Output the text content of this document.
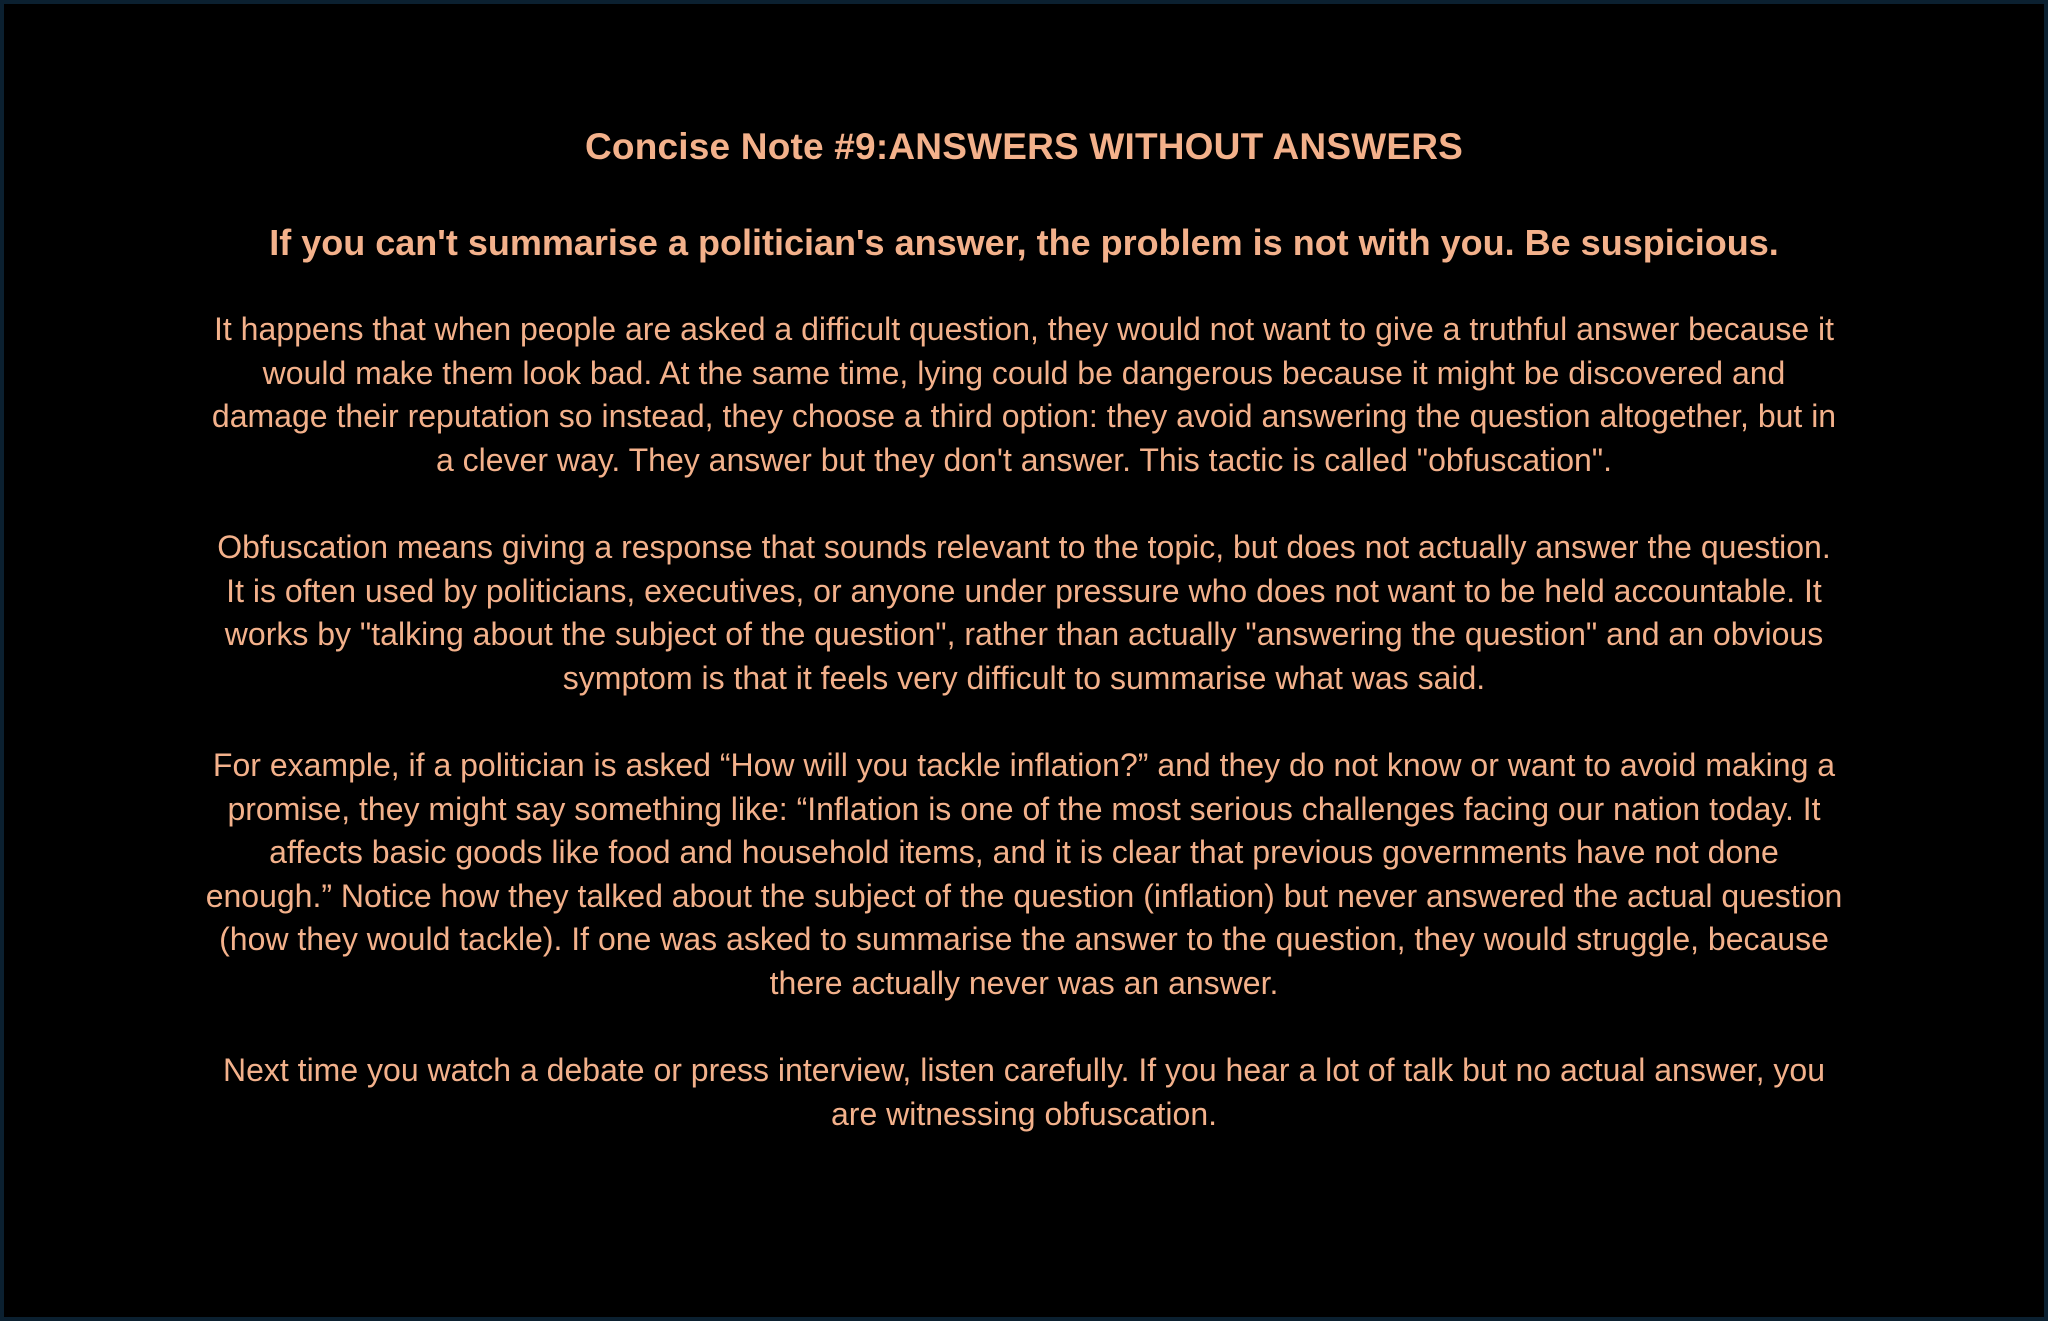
Concise Note #9:ANSWERS WITHOUT ANSWERS
If you can't summarise a politician's answer, the problem is not with you. Be suspicious.

It happens that when people are asked a difficult question, they would not want to give a truthful answer because it would make them look bad. At the same time, lying could be dangerous because it might be discovered and damage their reputation so instead, they choose a third option: they avoid answering the question altogether, but in a clever way. They answer but they don't answer. This tactic is called "obfuscation".

Obfuscation means giving a response that sounds relevant to the topic, but does not actually answer the question. It is often used by politicians, executives, or anyone under pressure who does not want to be held accountable. It works by "talking about the subject of the question", rather than actually "answering the question" and an obvious symptom is that it feels very difficult to summarise what was said.

For example, if a politician is asked “How will you tackle inflation?” and they do not know or want to avoid making a promise, they might say something like: “Inflation is one of the most serious challenges facing our nation today. It affects basic goods like food and household items, and it is clear that previous governments have not done enough.” Notice how they talked about the subject of the question (inflation) but never answered the actual question (how they would tackle). If one was asked to summarise the answer to the question, they would struggle, because there actually never was an answer.

Next time you watch a debate or press interview, listen carefully. If you hear a lot of talk but no actual answer, you are witnessing obfuscation.
